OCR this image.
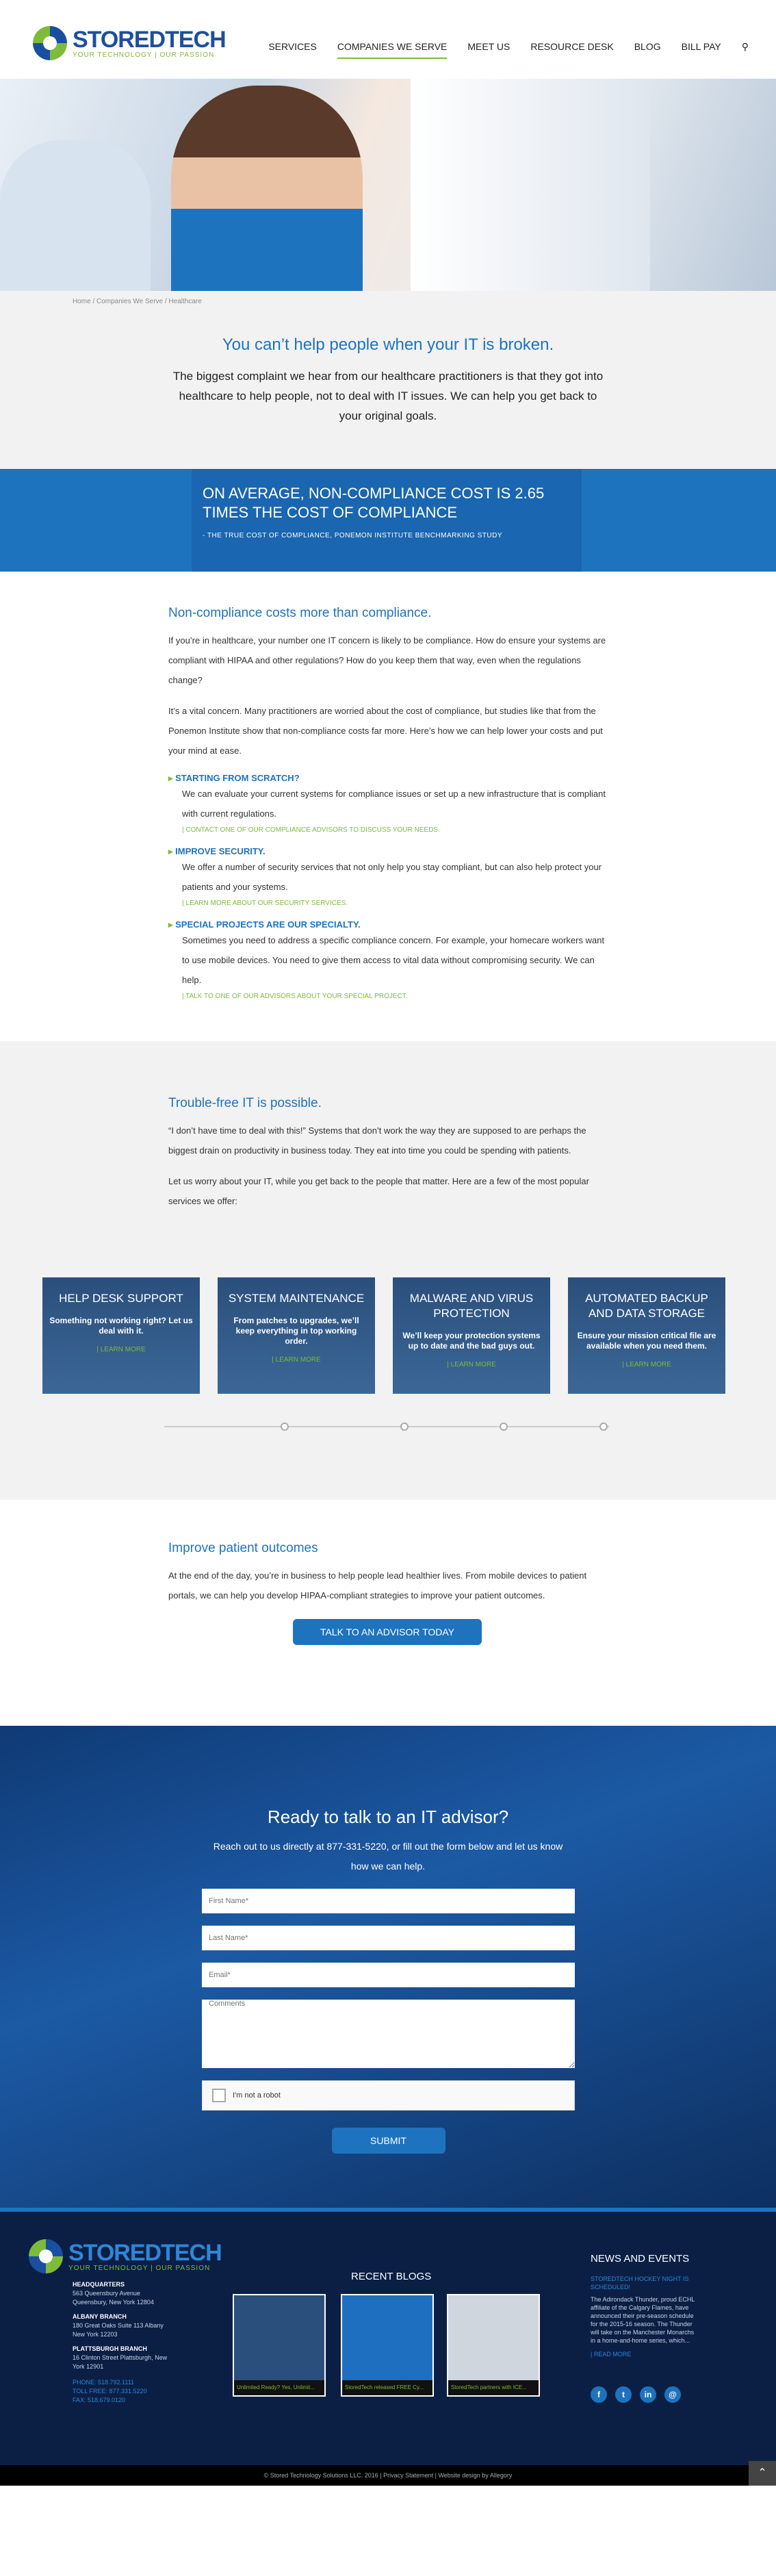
STOREDTECH
YOUR TECHNOLOGY | OUR PASSION
SERVICES COMPANIES WE SERVE MEET US RESOURCE DESK BLOG BILL PAY ⚲
Home / Companies We Serve / Healthcare
You can’t help people when your IT is broken.

The biggest complaint we hear from our healthcare practitioners is that they got into healthcare to help people, not to deal with IT issues. We can help you get back to your original goals.

ON AVERAGE, NON-COMPLIANCE COST IS 2.65 TIMES THE COST OF COMPLIANCE
- THE TRUE COST OF COMPLIANCE, PONEMON INSTITUTE BENCHMARKING STUDY
Non-compliance costs more than compliance.

If you’re in healthcare, your number one IT concern is likely to be compliance. How do ensure your systems are compliant with HIPAA and other regulations? How do you keep them that way, even when the regulations change?

It’s a vital concern. Many practitioners are worried about the cost of compliance, but studies like that from the Ponemon Institute show that non-compliance costs far more. Here’s how we can help lower your costs and put your mind at ease.

▸ STARTING FROM SCRATCH?
We can evaluate your current systems for compliance issues or set up a new infrastructure that is compliant with current regulations.
| CONTACT ONE OF OUR COMPLIANCE ADVISORS TO DISCUSS YOUR NEEDS.
▸ IMPROVE SECURITY.
We offer a number of security services that not only help you stay compliant, but can also help protect your patients and your systems.
| LEARN MORE ABOUT OUR SECURITY SERVICES.
▸ SPECIAL PROJECTS ARE OUR SPECIALTY.
Sometimes you need to address a specific compliance concern. For example, your homecare workers want to use mobile devices. You need to give them access to vital data without compromising security. We can help.
| TALK TO ONE OF OUR ADVISORS ABOUT YOUR SPECIAL PROJECT.
Trouble-free IT is possible.

“I don’t have time to deal with this!” Systems that don’t work the way they are supposed to are perhaps the biggest drain on productivity in business today. They eat into time you could be spending with patients.

Let us worry about your IT, while you get back to the people that matter. Here are a few of the most popular services we offer:

HELP DESK SUPPORT
Something not working right? Let us deal with it.
| LEARN MORE
SYSTEM MAINTENANCE
From patches to upgrades, we’ll keep everything in top working order.
| LEARN MORE
MALWARE AND VIRUS PROTECTION
We’ll keep your protection systems up to date and the bad guys out.
| LEARN MORE
AUTOMATED BACKUP AND DATA STORAGE
Ensure your mission critical file are available when you need them.
| LEARN MORE
Improve patient outcomes

At the end of the day, you’re in business to help people lead healthier lives. From mobile devices to patient portals, we can help you develop HIPAA-compliant strategies to improve your patient outcomes.

TALK TO AN ADVISOR TODAY
Ready to talk to an IT advisor?

Reach out to us directly at 877-331-5220, or fill out the form below and let us know how we can help.

First Name*
Last Name*
Email*
Comments
I'm not a robot
SUBMIT
STOREDTECH
YOUR TECHNOLOGY | OUR PASSION
HEADQUARTERS
563 Queensbury Avenue Queensbury, New York 12804
ALBANY BRANCH
180 Great Oaks Suite 113 Albany New York 12203
PLATTSBURGH BRANCH
16 Clinton Street Plattsburgh, New York 12901
PHONE: 518.792.1111
TOLL FREE: 877.331.5220
FAX: 518.679.0120
RECENT BLOGS
Unlimited Ready? Yes, Unlimit...	StoredTech released FREE Cy...	StoredTech partners with ICE...
NEWS AND EVENTS
STOREDTECH HOCKEY NIGHT IS SCHEDULED!
The Adirondack Thunder, proud ECHL affiliate of the Calgary Flames, have announced their pre-season schedule for the 2015-16 season. The Thunder will take on the Manchester Monarchs in a home-and-home series, which...
| READ MORE
f	t	in	@
© Stored Technology Solutions LLC. 2016 | Privacy Statement | Website design by Allegory	⌃
